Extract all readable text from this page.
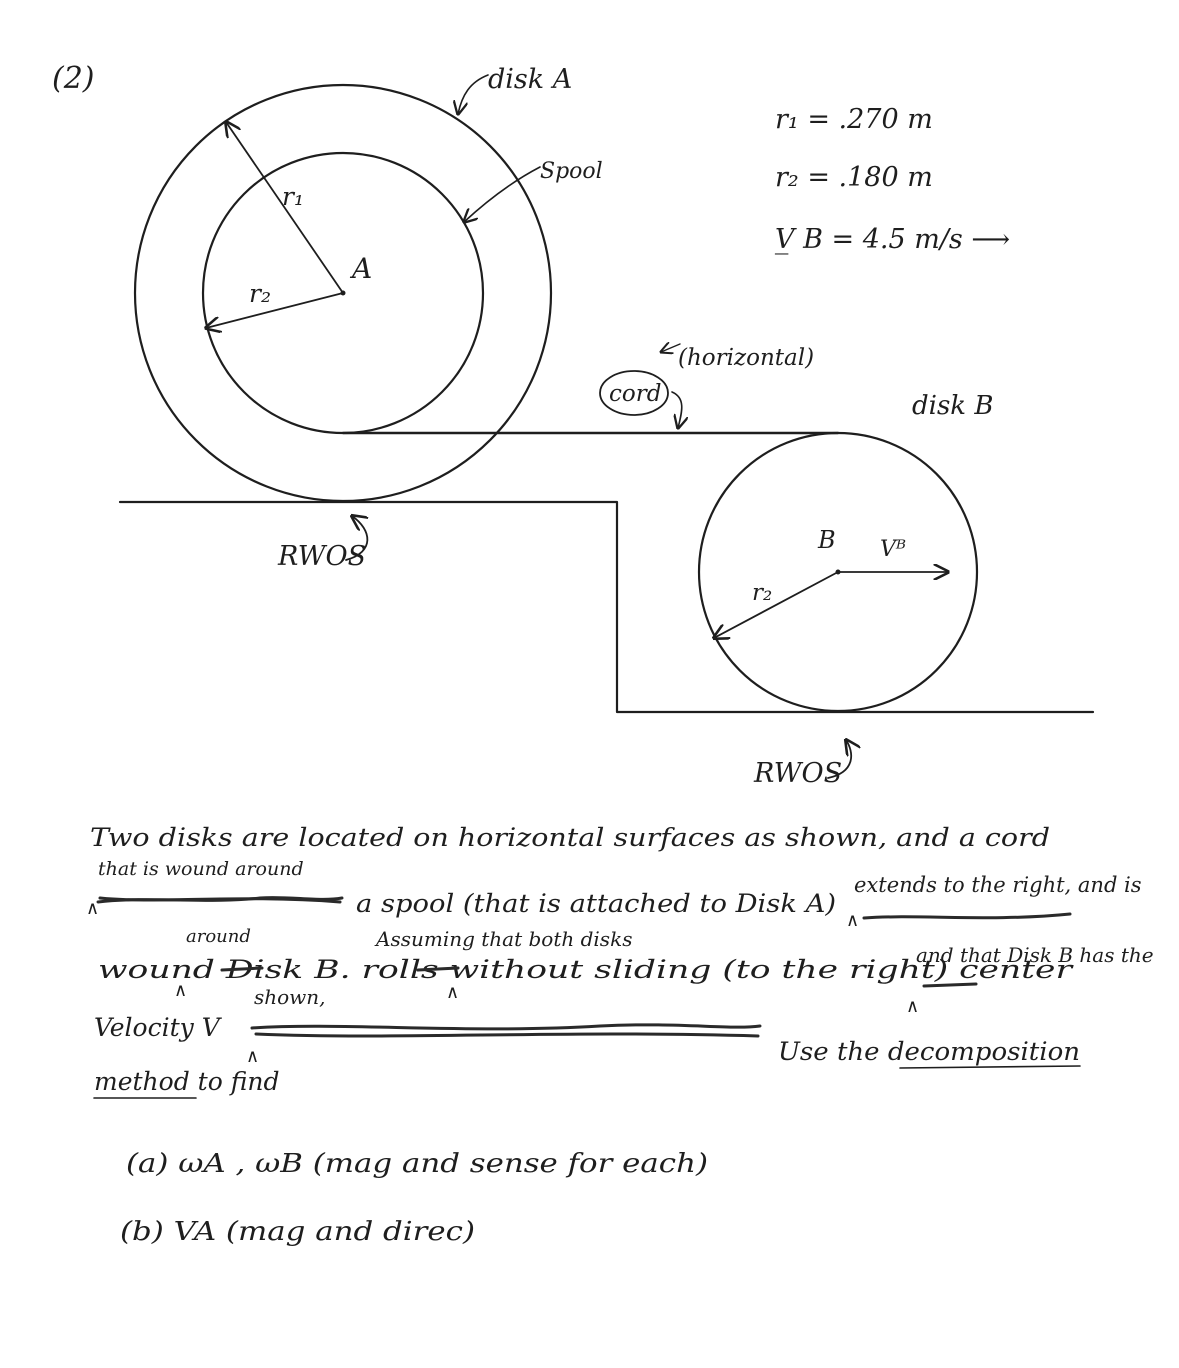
(2)	disk A
Spool
r₁
r₂
A
(horizontal)
cord	disk B
B Vᴮ
r₂
RWOS
RWOS
r₁ = .270 m
r₂ = .180 m
V̲ B = 4.5 m/s ⟶
Two disks are located on horizontal surfaces as shown, and a cord
that is wound around
∧	a spool (that is attached to Disk A)
∧
extends to the right, and is
around	Assuming that both disks
and that Disk B has the
wound Disk B. rolls without sliding (to the right) center
∧	∧
∧
shown,
Velocity V
∧	Use the decomposition
method to find
(a) ωA , ωB (mag and sense for each)
(b) VA (mag and direc)
